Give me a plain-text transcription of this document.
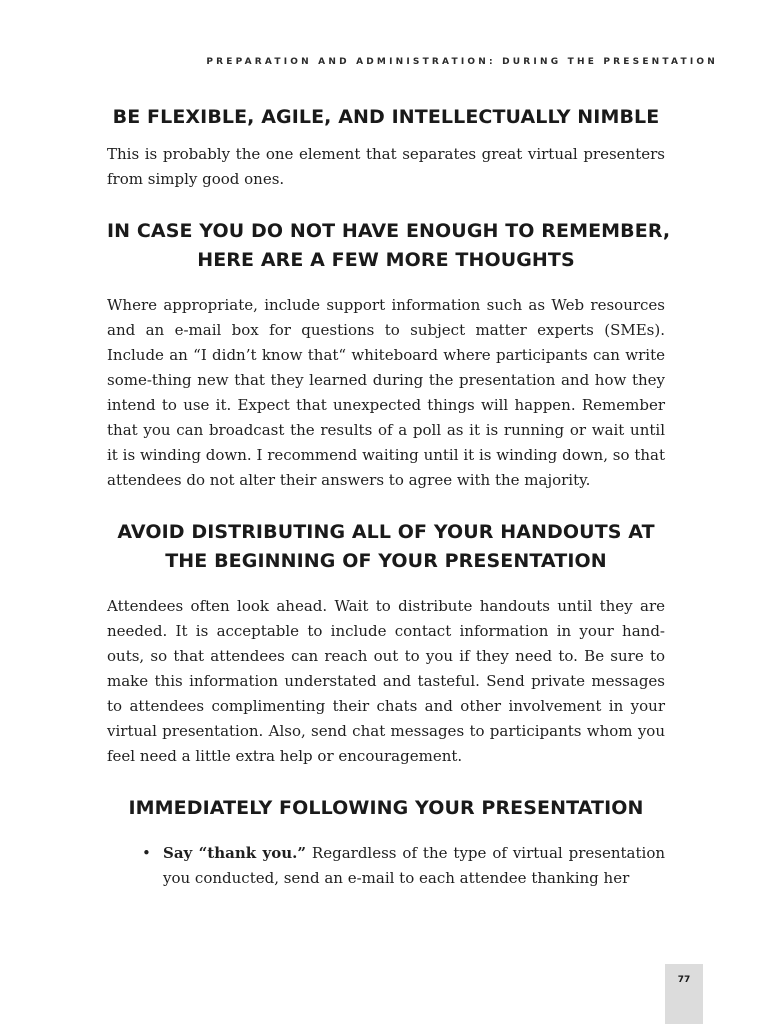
PREPARATION AND ADMINISTRATION: DURING THE PRESENTATION
BE FLEXIBLE, AGILE, AND INTELLECTUALLY NIMBLE

This is probably the one element that separates great virtual presenters from simply good ones.

IN CASE YOU DO NOT HAVE ENOUGH TO REMEMBER,
HERE ARE A FEW MORE THOUGHTS

Where appropriate, include support information such as Web resources and an e-mail box for questions to subject matter experts (SMEs). Include an “I didn’t know that“ whiteboard where participants can write some-thing new that they learned during the presentation and how they intend to use it. Expect that unexpected things will happen. Remember that you can broadcast the results of a poll as it is running or wait until it is winding down. I recommend waiting until it is winding down, so that attendees do not alter their answers to agree with the majority.

AVOID DISTRIBUTING ALL OF YOUR HANDOUTS AT
THE BEGINNING OF YOUR PRESENTATION

Attendees often look ahead. Wait to distribute handouts until they are needed. It is acceptable to include contact information in your hand-outs, so that attendees can reach out to you if they need to. Be sure to make this information understated and tasteful. Send private messages to attendees complimenting their chats and other involvement in your virtual presentation. Also, send chat messages to participants whom you feel need a little extra help or encouragement.

IMMEDIATELY FOLLOWING YOUR PRESENTATION
• Say “thank you.” Regardless of the type of virtual presentation you conducted, send an e-mail to each attendee thanking her
77
